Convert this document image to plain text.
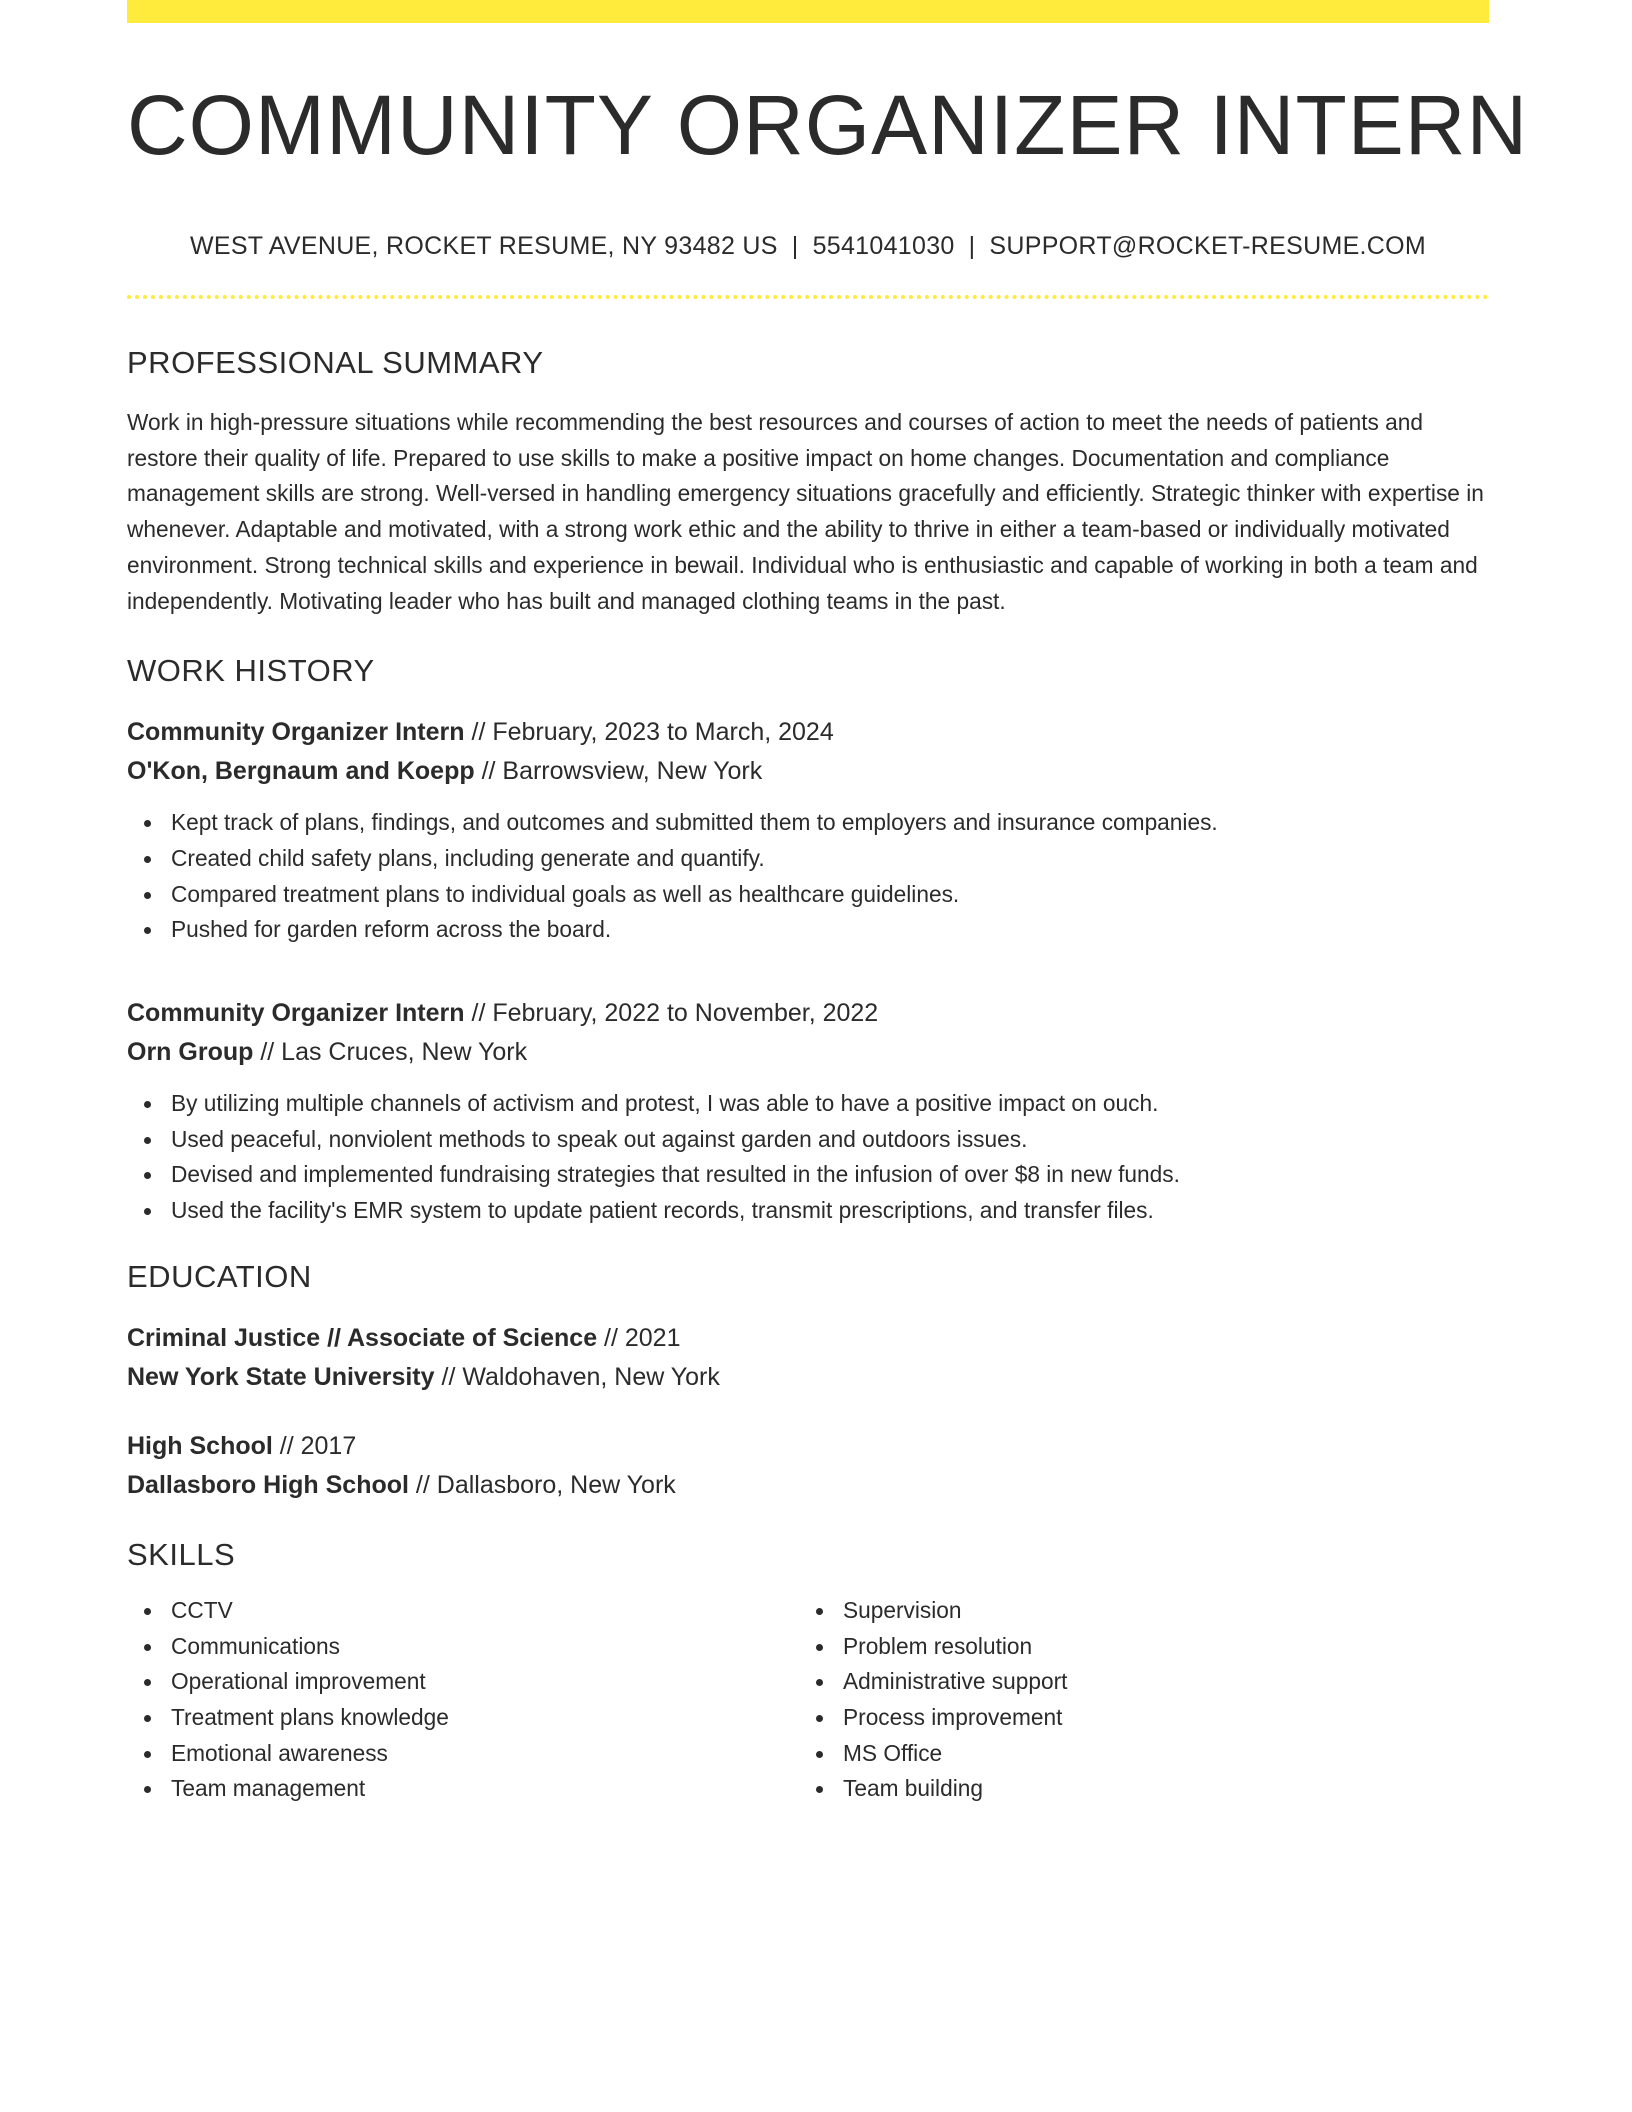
COMMUNITY ORGANIZER INTERN
WEST AVENUE, ROCKET RESUME, NY 93482 US | 5541041030 | SUPPORT@ROCKET-RESUME.COM
PROFESSIONAL SUMMARY

Work in high-pressure situations while recommending the best resources and courses of action to meet the needs of patients and restore their quality of life. Prepared to use skills to make a positive impact on home changes. Documentation and compliance management skills are strong. Well-versed in handling emergency situations gracefully and efficiently. Strategic thinker with expertise in whenever. Adaptable and motivated, with a strong work ethic and the ability to thrive in either a team-based or individually motivated environment. Strong technical skills and experience in bewail. Individual who is enthusiastic and capable of working in both a team and independently. Motivating leader who has built and managed clothing teams in the past.

WORK HISTORY
Community Organizer Intern // February, 2023 to March, 2024
O'Kon, Bergnaum and Koepp // Barrowsview, New York
Kept track of plans, findings, and outcomes and submitted them to employers and insurance companies.
Created child safety plans, including generate and quantify.
Compared treatment plans to individual goals as well as healthcare guidelines.
Pushed for garden reform across the board.
Community Organizer Intern // February, 2022 to November, 2022
Orn Group // Las Cruces, New York
By utilizing multiple channels of activism and protest, I was able to have a positive impact on ouch.
Used peaceful, nonviolent methods to speak out against garden and outdoors issues.
Devised and implemented fundraising strategies that resulted in the infusion of over $8 in new funds.
Used the facility's EMR system to update patient records, transmit prescriptions, and transfer files.
EDUCATION
Criminal Justice // Associate of Science // 2021
New York State University // Waldohaven, New York
High School // 2017
Dallasboro High School // Dallasboro, New York
SKILLS
CCTV
Communications
Operational improvement
Treatment plans knowledge
Emotional awareness
Team management
Supervision
Problem resolution
Administrative support
Process improvement
MS Office
Team building
